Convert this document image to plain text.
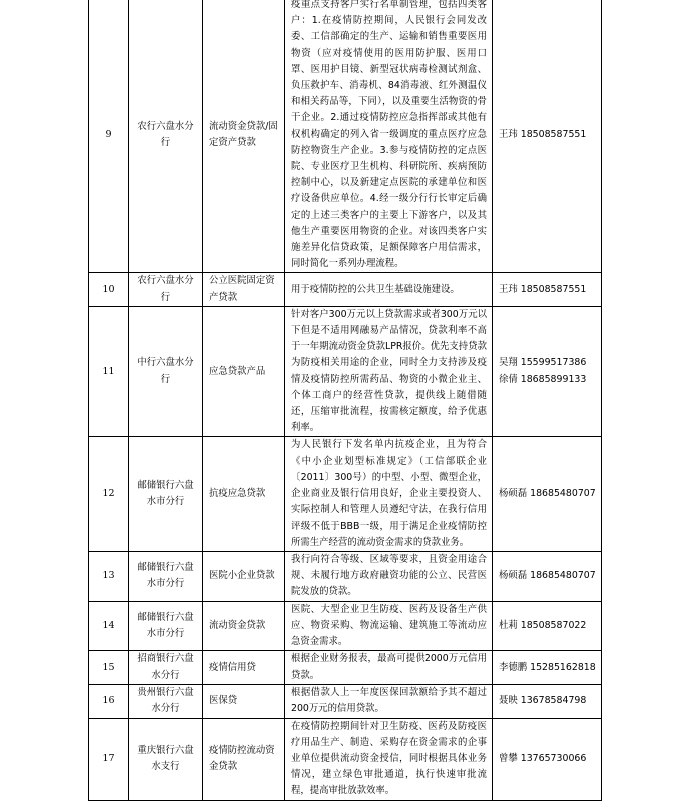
9	农行六盘水分行	流动资金贷款/固定资产贷款	疫重点支持客户实行名单制管理，包括四类客户：1.在疫情防控期间，人民银行会同发改委、工信部确定的生产、运输和销售重要医用物资（应对疫情使用的医用防护服、医用口罩、医用护目镜、新型冠状病毒检测试剂盒、负压救护车、消毒机、84消毒液、红外测温仪和相关药品等，下同），以及重要生活物资的骨干企业。2.通过疫情防控应急指挥部或其他有权机构确定的列入省一级调度的重点医疗应急防控物资生产企业。3.参与疫情防控的定点医院、专业医疗卫生机构、科研院所、疾病预防控制中心，以及新建定点医院的承建单位和医疗设备供应单位。4.经一级分行行长审定后确定的上述三类客户的主要上下游客户，以及其他生产重要医用物资的企业。对该四类客户实施差异化信贷政策，足额保障客户用信需求，同时简化一系列办理流程。	王玮 18508587551

10	农行六盘水分行	公立医院固定资产贷款	用于疫情防控的公共卫生基础设施建设。	王玮 18508587551

11	中行六盘水分行	应急贷款产品	针对客户300万元以上贷款需求或者300万元以下但是不适用网融易产品情况，贷款利率不高于一年期流动资金贷款LPR报价。优先支持贷款为防疫相关用途的企业，同时全力支持涉及疫情及疫情防控所需药品、物资的小微企业主、个体工商户的经营性贷款，提供线上随借随还，压缩审批流程，按需核定额度，给予优惠利率。	吴翔 15599517386
徐倩 18685899133

12	邮储银行六盘水市分行	抗疫应急贷款	为人民银行下发名单内抗疫企业，且为符合《中小企业划型标准规定》（工信部联企业〔2011〕300号）的中型、小型、微型企业，企业商业及银行信用良好，企业主要投资人、实际控制人和管理人员遵纪守法，在我行信用评级不低于BBB一级，用于满足企业疫情防控所需生产经营的流动资金需求的贷款业务。	杨硕磊 18685480707

13	邮储银行六盘水市分行	医院小企业贷款	我行向符合等级、区域等要求，且资金用途合规、未履行地方政府融资功能的公立、民营医院发放的贷款。	杨硕磊 18685480707

14	邮储银行六盘水市分行	流动资金贷款	医院、大型企业卫生防疫、医药及设备生产供应、物资采购、物流运输、建筑施工等流动应急资金需求。	杜莉 18508587022

15	招商银行六盘水分行	疫情信用贷	根据企业财务报表，最高可提供2000万元信用贷款。	李德鹏 15285162818

16	贵州银行六盘水分行	医保贷	根据借款人上一年度医保回款额给予其不超过200万元的信用贷款。	聂映 13678584798

17	重庆银行六盘水支行	疫情防控流动资金贷款	在疫情防控期间针对卫生防疫、医药及防疫医疗用品生产、制造、采购存在资金需求的企事业单位提供流动资金授信，同时根据具体业务情况，建立绿色审批通道，执行快速审批流程，提高审批放款效率。	曾攀 13765730066
